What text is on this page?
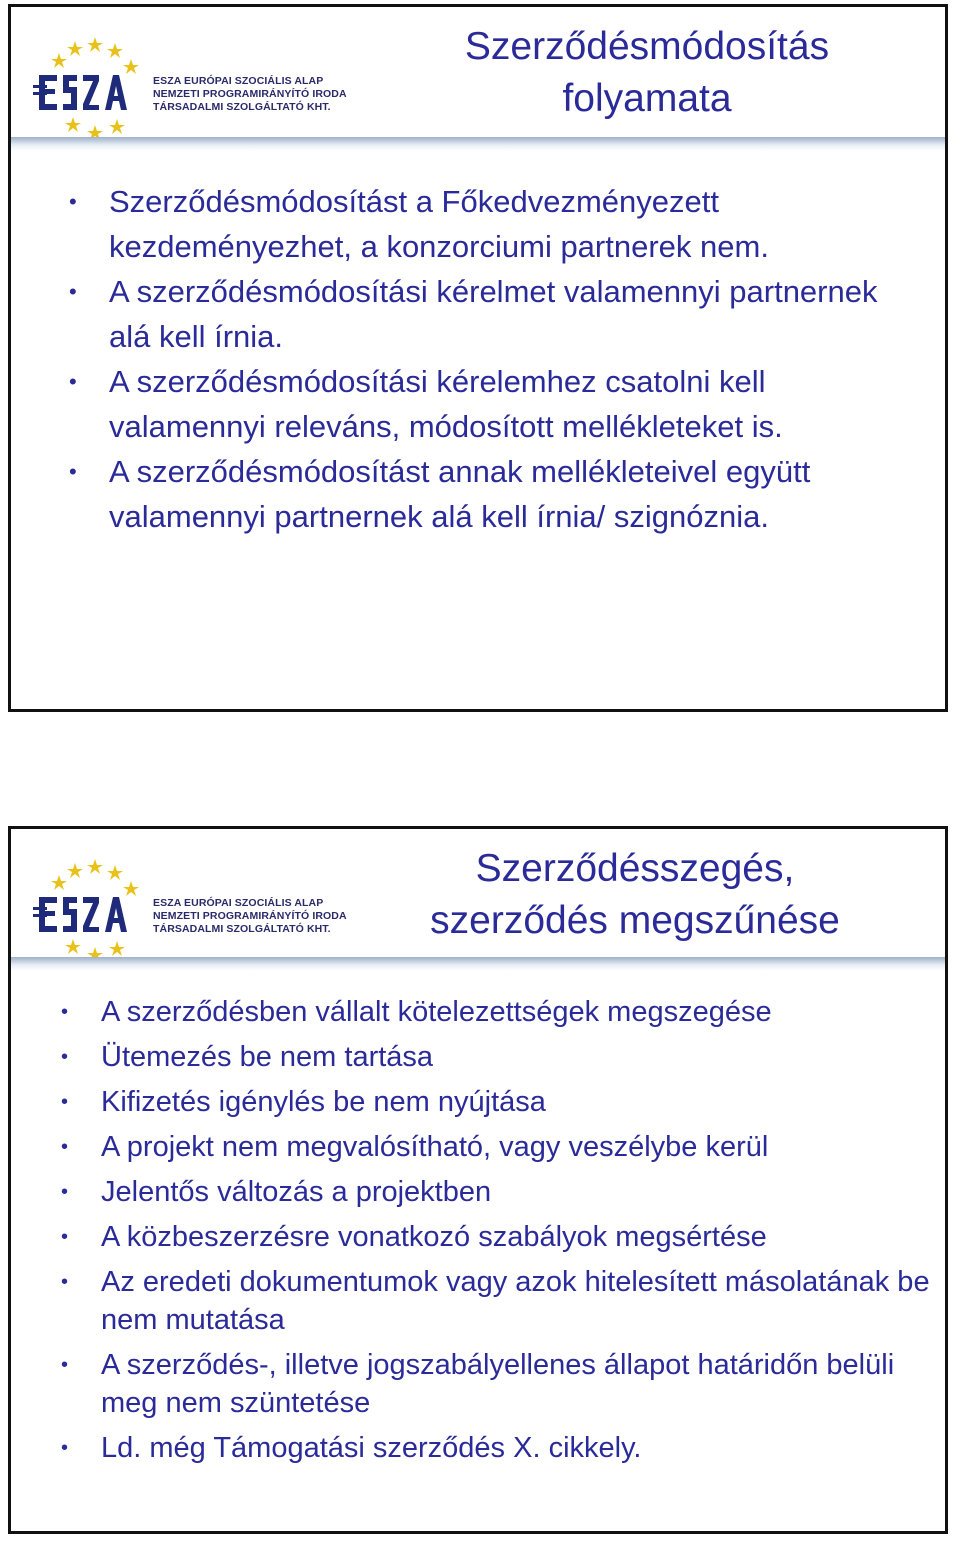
ESZA EURÓPAI SZOCIÁLIS ALAP
NEMZETI PROGRAMIRÁNYÍTÓ IRODA
TÁRSADALMI SZOLGÁLTATÓ KHT.
Szerződésmódosítás
folyamata
• Szerződésmódosítást a Főkedvezményezett kezdeményezhet, a konzorciumi partnerek nem.
• A szerződésmódosítási kérelmet valamennyi partnernek alá kell írnia.
• A szerződésmódosítási kérelemhez csatolni kell valamennyi releváns, módosított mellékleteket is.
• A szerződésmódosítást annak mellékleteivel együtt valamennyi partnernek alá kell írnia/ szignóznia.
ESZA EURÓPAI SZOCIÁLIS ALAP
NEMZETI PROGRAMIRÁNYÍTÓ IRODA
TÁRSADALMI SZOLGÁLTATÓ KHT.
Szerződésszegés,
szerződés megszűnése
• A szerződésben vállalt kötelezettségek megszegése
• Ütemezés be nem tartása
• Kifizetés igénylés be nem nyújtása
• A projekt nem megvalósítható, vagy veszélybe kerül
• Jelentős változás a projektben
• A közbeszerzésre vonatkozó szabályok megsértése
• Az eredeti dokumentumok vagy azok hitelesített másolatának be nem mutatása
• A szerződés-, illetve jogszabályellenes állapot határidőn belüli meg nem szüntetése
• Ld. még Támogatási szerződés X. cikkely.
